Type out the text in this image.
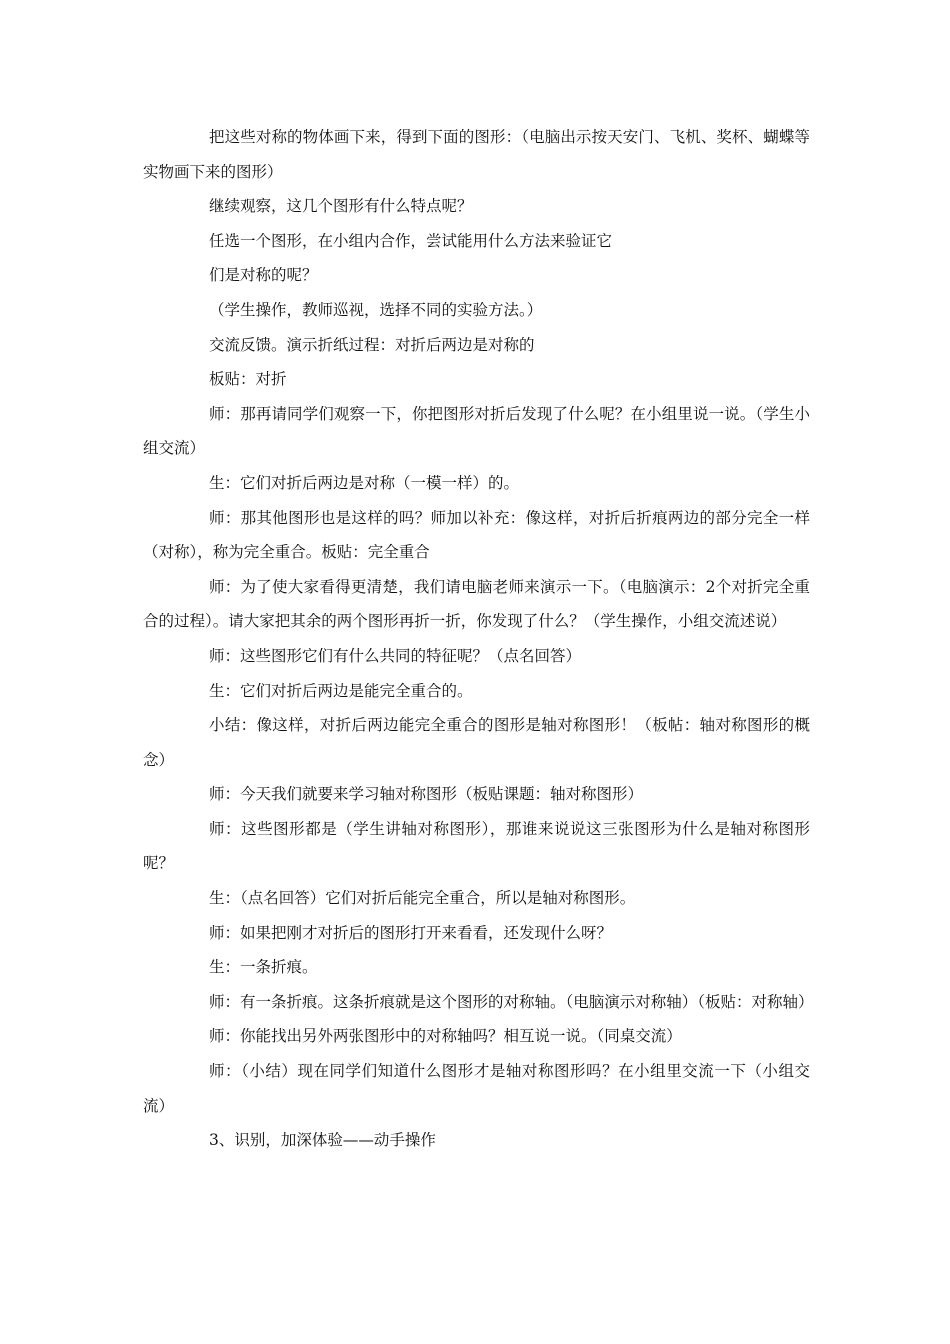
把这些对称的物体画下来，得到下面的图形：（电脑出示按天安门、飞机、奖杯、蝴蝶等实物画下来的图形）

继续观察，这几个图形有什么特点呢？

任选一个图形，在小组内合作，尝试能用什么方法来验证它

们是对称的呢？

（学生操作，教师巡视，选择不同的实验方法。）

交流反馈。演示折纸过程：对折后两边是对称的

板贴：对折

师：那再请同学们观察一下，你把图形对折后发现了什么呢？在小组里说一说。（学生小组交流）

生：它们对折后两边是对称（一模一样）的。

师：那其他图形也是这样的吗？师加以补充：像这样，对折后折痕两边的部分完全一样（对称），称为完全重合。板贴：完全重合

师：为了使大家看得更清楚，我们请电脑老师来演示一下。（电脑演示：2个对折完全重合的过程）。请大家把其余的两个图形再折一折，你发现了什么？（学生操作，小组交流述说）

师：这些图形它们有什么共同的特征呢？（点名回答）

生：它们对折后两边是能完全重合的。

小结：像这样，对折后两边能完全重合的图形是轴对称图形！（板帖：轴对称图形的概念）

师：今天我们就要来学习轴对称图形（板贴课题：轴对称图形）

师：这些图形都是（学生讲轴对称图形），那谁来说说这三张图形为什么是轴对称图形呢？

生：（点名回答）它们对折后能完全重合，所以是轴对称图形。

师：如果把刚才对折后的图形打开来看看，还发现什么呀？

生：一条折痕。

师：有一条折痕。这条折痕就是这个图形的对称轴。（电脑演示对称轴）（板贴：对称轴）

师：你能找出另外两张图形中的对称轴吗？相互说一说。（同桌交流）

师：（小结）现在同学们知道什么图形才是轴对称图形吗？在小组里交流一下（小组交流）

3、识别，加深体验——动手操作
